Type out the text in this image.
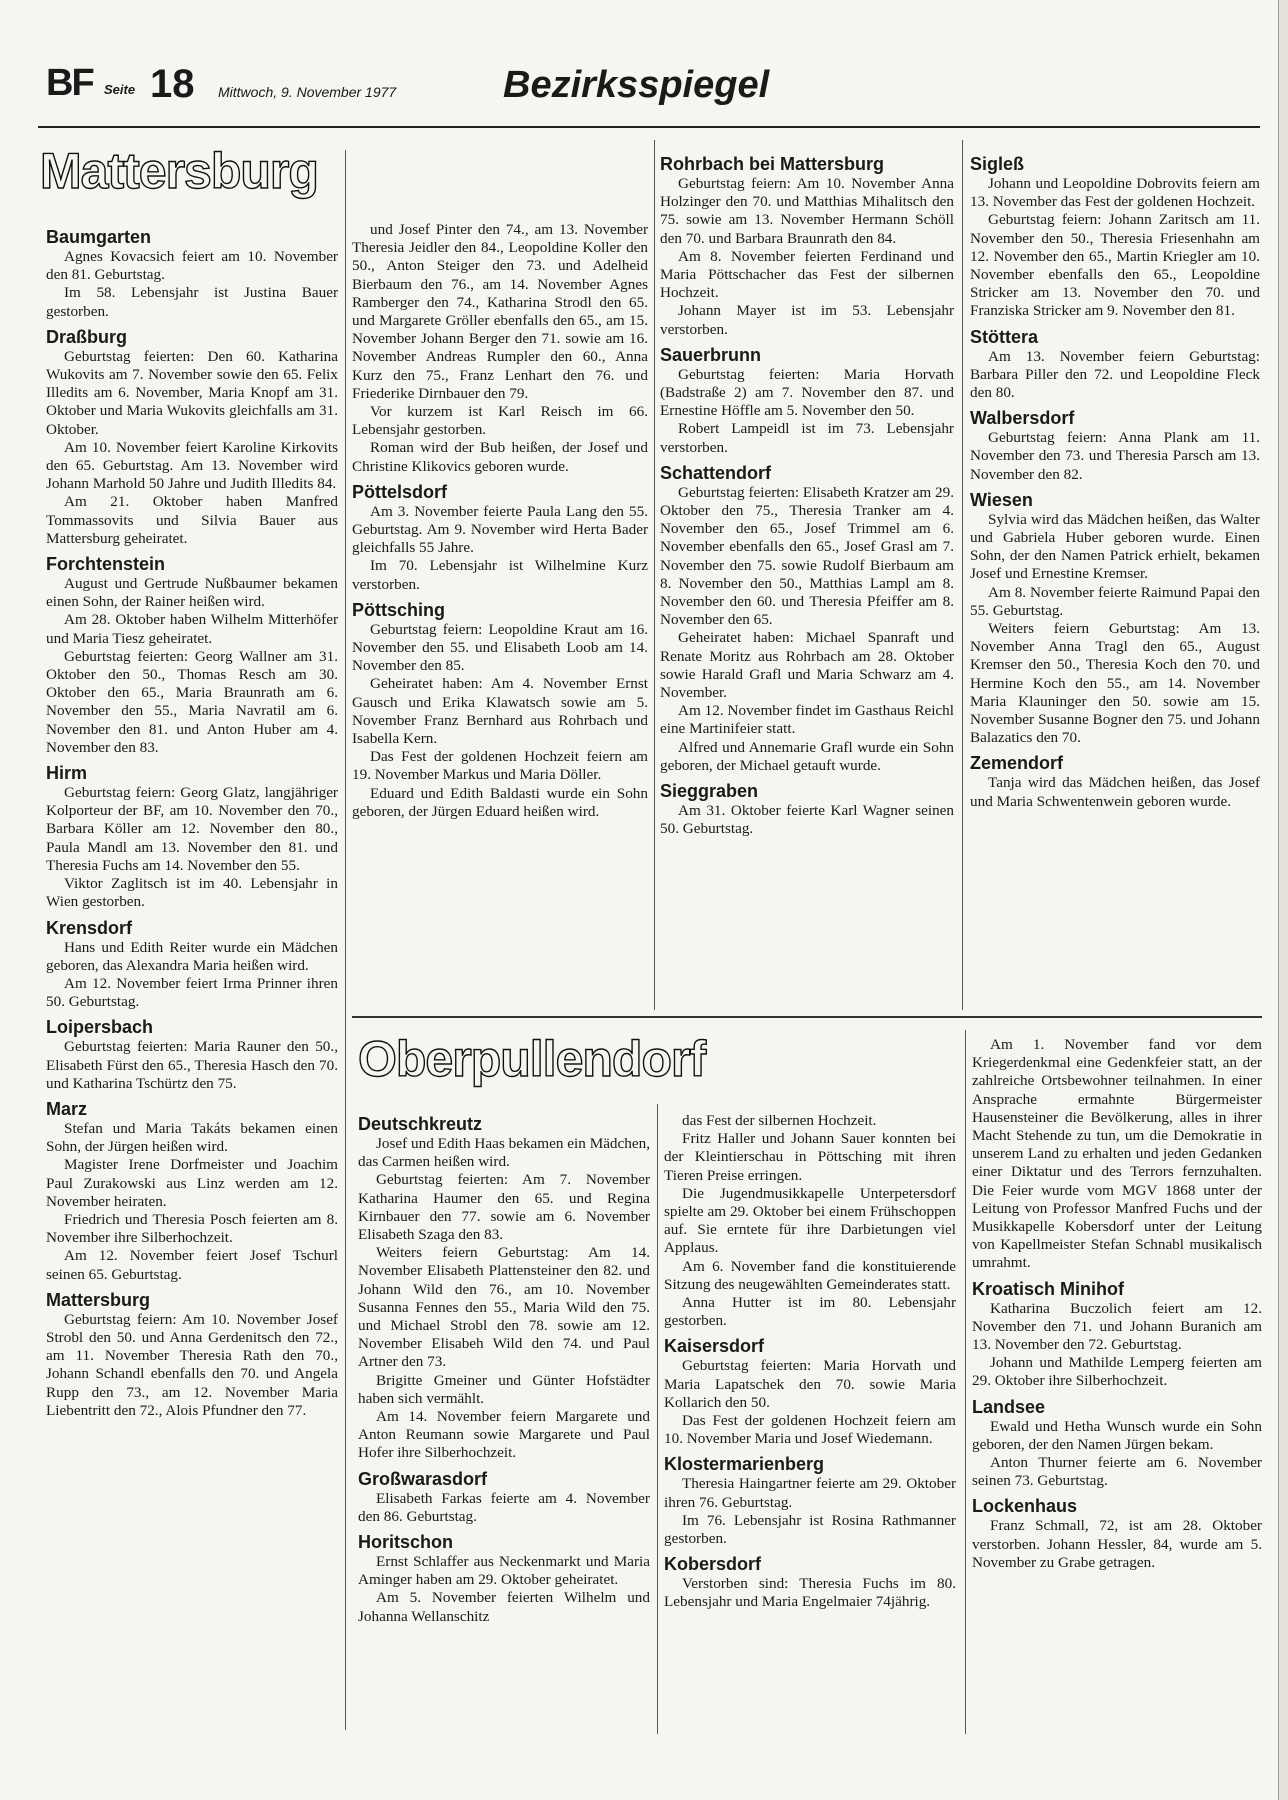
BF Seite 18 Mittwoch, 9. November 1977	Bezirksspiegel
Mattersburg
Oberpullendorf
Baumgarten

Agnes Kovacsich feiert am 10. November den 81. Geburtstag.

Im 58. Lebensjahr ist Justina Bauer gestorben.

Draßburg

Geburtstag feierten: Den 60. Katharina Wukovits am 7. November sowie den 65. Felix Illedits am 6. November, Maria Knopf am 31. Oktober und Maria Wukovits gleichfalls am 31. Oktober.

Am 10. November feiert Karoline Kirkovits den 65. Geburtstag. Am 13. November wird Johann Marhold 50 Jahre und Judith Illedits 84.

Am 21. Oktober haben Manfred Tommassovits und Silvia Bauer aus Mattersburg geheiratet.

Forchtenstein

August und Gertrude Nußbaumer bekamen einen Sohn, der Rainer heißen wird.

Am 28. Oktober haben Wilhelm Mitterhöfer und Maria Tiesz geheiratet.

Geburtstag feierten: Georg Wallner am 31. Oktober den 50., Thomas Resch am 30. Oktober den 65., Maria Braunrath am 6. November den 55., Maria Navratil am 6. November den 81. und Anton Huber am 4. November den 83.

Hirm

Geburtstag feiern: Georg Glatz, langjähriger Kolporteur der BF, am 10. November den 70., Barbara Köller am 12. November den 80., Paula Mandl am 13. November den 81. und Theresia Fuchs am 14. November den 55.

Viktor Zaglitsch ist im 40. Lebensjahr in Wien gestorben.

Krensdorf

Hans und Edith Reiter wurde ein Mädchen geboren, das Alexandra Maria heißen wird.

Am 12. November feiert Irma Prinner ihren 50. Geburtstag.

Loipersbach

Geburtstag feierten: Maria Rauner den 50., Elisabeth Fürst den 65., Theresia Hasch den 70. und Katharina Tschürtz den 75.

Marz

Stefan und Maria Takáts bekamen einen Sohn, der Jürgen heißen wird.

Magister Irene Dorfmeister und Joachim Paul Zurakowski aus Linz werden am 12. November heiraten.

Friedrich und Theresia Posch feierten am 8. November ihre Silberhochzeit.

Am 12. November feiert Josef Tschurl seinen 65. Geburtstag.

Mattersburg

Geburtstag feiern: Am 10. November Josef Strobl den 50. und Anna Gerdenitsch den 72., am 11. November Theresia Rath den 70., Johann Schandl ebenfalls den 70. und Angela Rupp den 73., am 12. November Maria Liebentritt den 72., Alois Pfundner den 77.

und Josef Pinter den 74., am 13. November Theresia Jeidler den 84., Leopoldine Koller den 50., Anton Steiger den 73. und Adelheid Bierbaum den 76., am 14. November Agnes Ramberger den 74., Katharina Strodl den 65. und Margarete Gröller ebenfalls den 65., am 15. November Johann Berger den 71. sowie am 16. November Andreas Rumpler den 60., Anna Kurz den 75., Franz Lenhart den 76. und Friederike Dirnbauer den 79.

Vor kurzem ist Karl Reisch im 66. Lebensjahr gestorben.

Roman wird der Bub heißen, der Josef und Christine Klikovics geboren wurde.

Pöttelsdorf

Am 3. November feierte Paula Lang den 55. Geburtstag. Am 9. November wird Herta Bader gleichfalls 55 Jahre.

Im 70. Lebensjahr ist Wilhelmine Kurz verstorben.

Pöttsching

Geburtstag feiern: Leopoldine Kraut am 16. November den 55. und Elisabeth Loob am 14. November den 85.

Geheiratet haben: Am 4. November Ernst Gausch und Erika Klawatsch sowie am 5. November Franz Bernhard aus Rohrbach und Isabella Kern.

Das Fest der goldenen Hochzeit feiern am 19. November Markus und Maria Döller.

Eduard und Edith Baldasti wurde ein Sohn geboren, der Jürgen Eduard heißen wird.

Rohrbach bei Mattersburg

Geburtstag feiern: Am 10. November Anna Holzinger den 70. und Matthias Mihalitsch den 75. sowie am 13. November Hermann Schöll den 70. und Barbara Braunrath den 84.

Am 8. November feierten Ferdinand und Maria Pöttschacher das Fest der silbernen Hochzeit.

Johann Mayer ist im 53. Lebensjahr verstorben.

Sauerbrunn

Geburtstag feierten: Maria Horvath (Badstraße 2) am 7. November den 87. und Ernestine Höffle am 5. November den 50.

Robert Lampeidl ist im 73. Lebensjahr verstorben.

Schattendorf

Geburtstag feierten: Elisabeth Kratzer am 29. Oktober den 75., Theresia Tranker am 4. November den 65., Josef Trimmel am 6. November ebenfalls den 65., Josef Grasl am 7. November den 75. sowie Rudolf Bierbaum am 8. November den 50., Matthias Lampl am 8. November den 60. und Theresia Pfeiffer am 8. November den 65.

Geheiratet haben: Michael Spanraft und Renate Moritz aus Rohrbach am 28. Oktober sowie Harald Grafl und Maria Schwarz am 4. November.

Am 12. November findet im Gasthaus Reichl eine Martinifeier statt.

Alfred und Annemarie Grafl wurde ein Sohn geboren, der Michael getauft wurde.

Sieggraben

Am 31. Oktober feierte Karl Wagner seinen 50. Geburtstag.

Sigleß

Johann und Leopoldine Dobrovits feiern am 13. November das Fest der goldenen Hochzeit.

Geburtstag feiern: Johann Zaritsch am 11. November den 50., Theresia Friesenhahn am 12. November den 65., Martin Kriegler am 10. November ebenfalls den 65., Leopoldine Stricker am 13. November den 70. und Franziska Stricker am 9. November den 81.

Stöttera

Am 13. November feiern Geburtstag: Barbara Piller den 72. und Leopoldine Fleck den 80.

Walbersdorf

Geburtstag feiern: Anna Plank am 11. November den 73. und Theresia Parsch am 13. November den 82.

Wiesen

Sylvia wird das Mädchen heißen, das Walter und Gabriela Huber geboren wurde. Einen Sohn, der den Namen Patrick erhielt, bekamen Josef und Ernestine Kremser.

Am 8. November feierte Raimund Papai den 55. Geburtstag.

Weiters feiern Geburtstag: Am 13. November Anna Tragl den 65., August Kremser den 50., Theresia Koch den 70. und Hermine Koch den 55., am 14. November Maria Klauninger den 50. sowie am 15. November Susanne Bogner den 75. und Johann Balazatics den 70.

Zemendorf

Tanja wird das Mädchen heißen, das Josef und Maria Schwentenwein geboren wurde.

Deutschkreutz

Josef und Edith Haas bekamen ein Mädchen, das Carmen heißen wird.

Geburtstag feierten: Am 7. November Katharina Haumer den 65. und Regina Kirnbauer den 77. sowie am 6. November Elisabeth Szaga den 83.

Weiters feiern Geburtstag: Am 14. November Elisabeth Plattensteiner den 82. und Johann Wild den 76., am 10. November Susanna Fennes den 55., Maria Wild den 75. und Michael Strobl den 78. sowie am 12. November Elisabeh Wild den 74. und Paul Artner den 73.

Brigitte Gmeiner und Günter Hofstädter haben sich vermählt.

Am 14. November feiern Margarete und Anton Reumann sowie Margarete und Paul Hofer ihre Silberhochzeit.

Großwarasdorf

Elisabeth Farkas feierte am 4. November den 86. Geburtstag.

Horitschon

Ernst Schlaffer aus Neckenmarkt und Maria Aminger haben am 29. Oktober geheiratet.

Am 5. November feierten Wilhelm und Johanna Wellanschitz

das Fest der silbernen Hochzeit.

Fritz Haller und Johann Sauer konnten bei der Kleintierschau in Pöttsching mit ihren Tieren Preise erringen.

Die Jugendmusikkapelle Unterpetersdorf spielte am 29. Oktober bei einem Frühschoppen auf. Sie erntete für ihre Darbietungen viel Applaus.

Am 6. November fand die konstituierende Sitzung des neugewählten Gemeinderates statt.

Anna Hutter ist im 80. Lebensjahr gestorben.

Kaisersdorf

Geburtstag feierten: Maria Horvath und Maria Lapatschek den 70. sowie Maria Kollarich den 50.

Das Fest der goldenen Hochzeit feiern am 10. November Maria und Josef Wiedemann.

Klostermarienberg

Theresia Haingartner feierte am 29. Oktober ihren 76. Geburtstag.

Im 76. Lebensjahr ist Rosina Rathmanner gestorben.

Kobersdorf

Verstorben sind: Theresia Fuchs im 80. Lebensjahr und Maria Engelmaier 74jährig.

Am 1. November fand vor dem Kriegerdenkmal eine Gedenkfeier statt, an der zahlreiche Ortsbewohner teilnahmen. In einer Ansprache ermahnte Bürgermeister Hausensteiner die Bevölkerung, alles in ihrer Macht Stehende zu tun, um die Demokratie in unserem Land zu erhalten und jeden Gedanken einer Diktatur und des Terrors fernzuhalten. Die Feier wurde vom MGV 1868 unter der Leitung von Professor Manfred Fuchs und der Musikkapelle Kobersdorf unter der Leitung von Kapellmeister Stefan Schnabl musikalisch umrahmt.

Kroatisch Minihof

Katharina Buczolich feiert am 12. November den 71. und Johann Buranich am 13. November den 72. Geburtstag.

Johann und Mathilde Lemperg feierten am 29. Oktober ihre Silberhochzeit.

Landsee

Ewald und Hetha Wunsch wurde ein Sohn geboren, der den Namen Jürgen bekam.

Anton Thurner feierte am 6. November seinen 73. Geburtstag.

Lockenhaus

Franz Schmall, 72, ist am 28. Oktober verstorben. Johann Hessler, 84, wurde am 5. November zu Grabe getragen.
